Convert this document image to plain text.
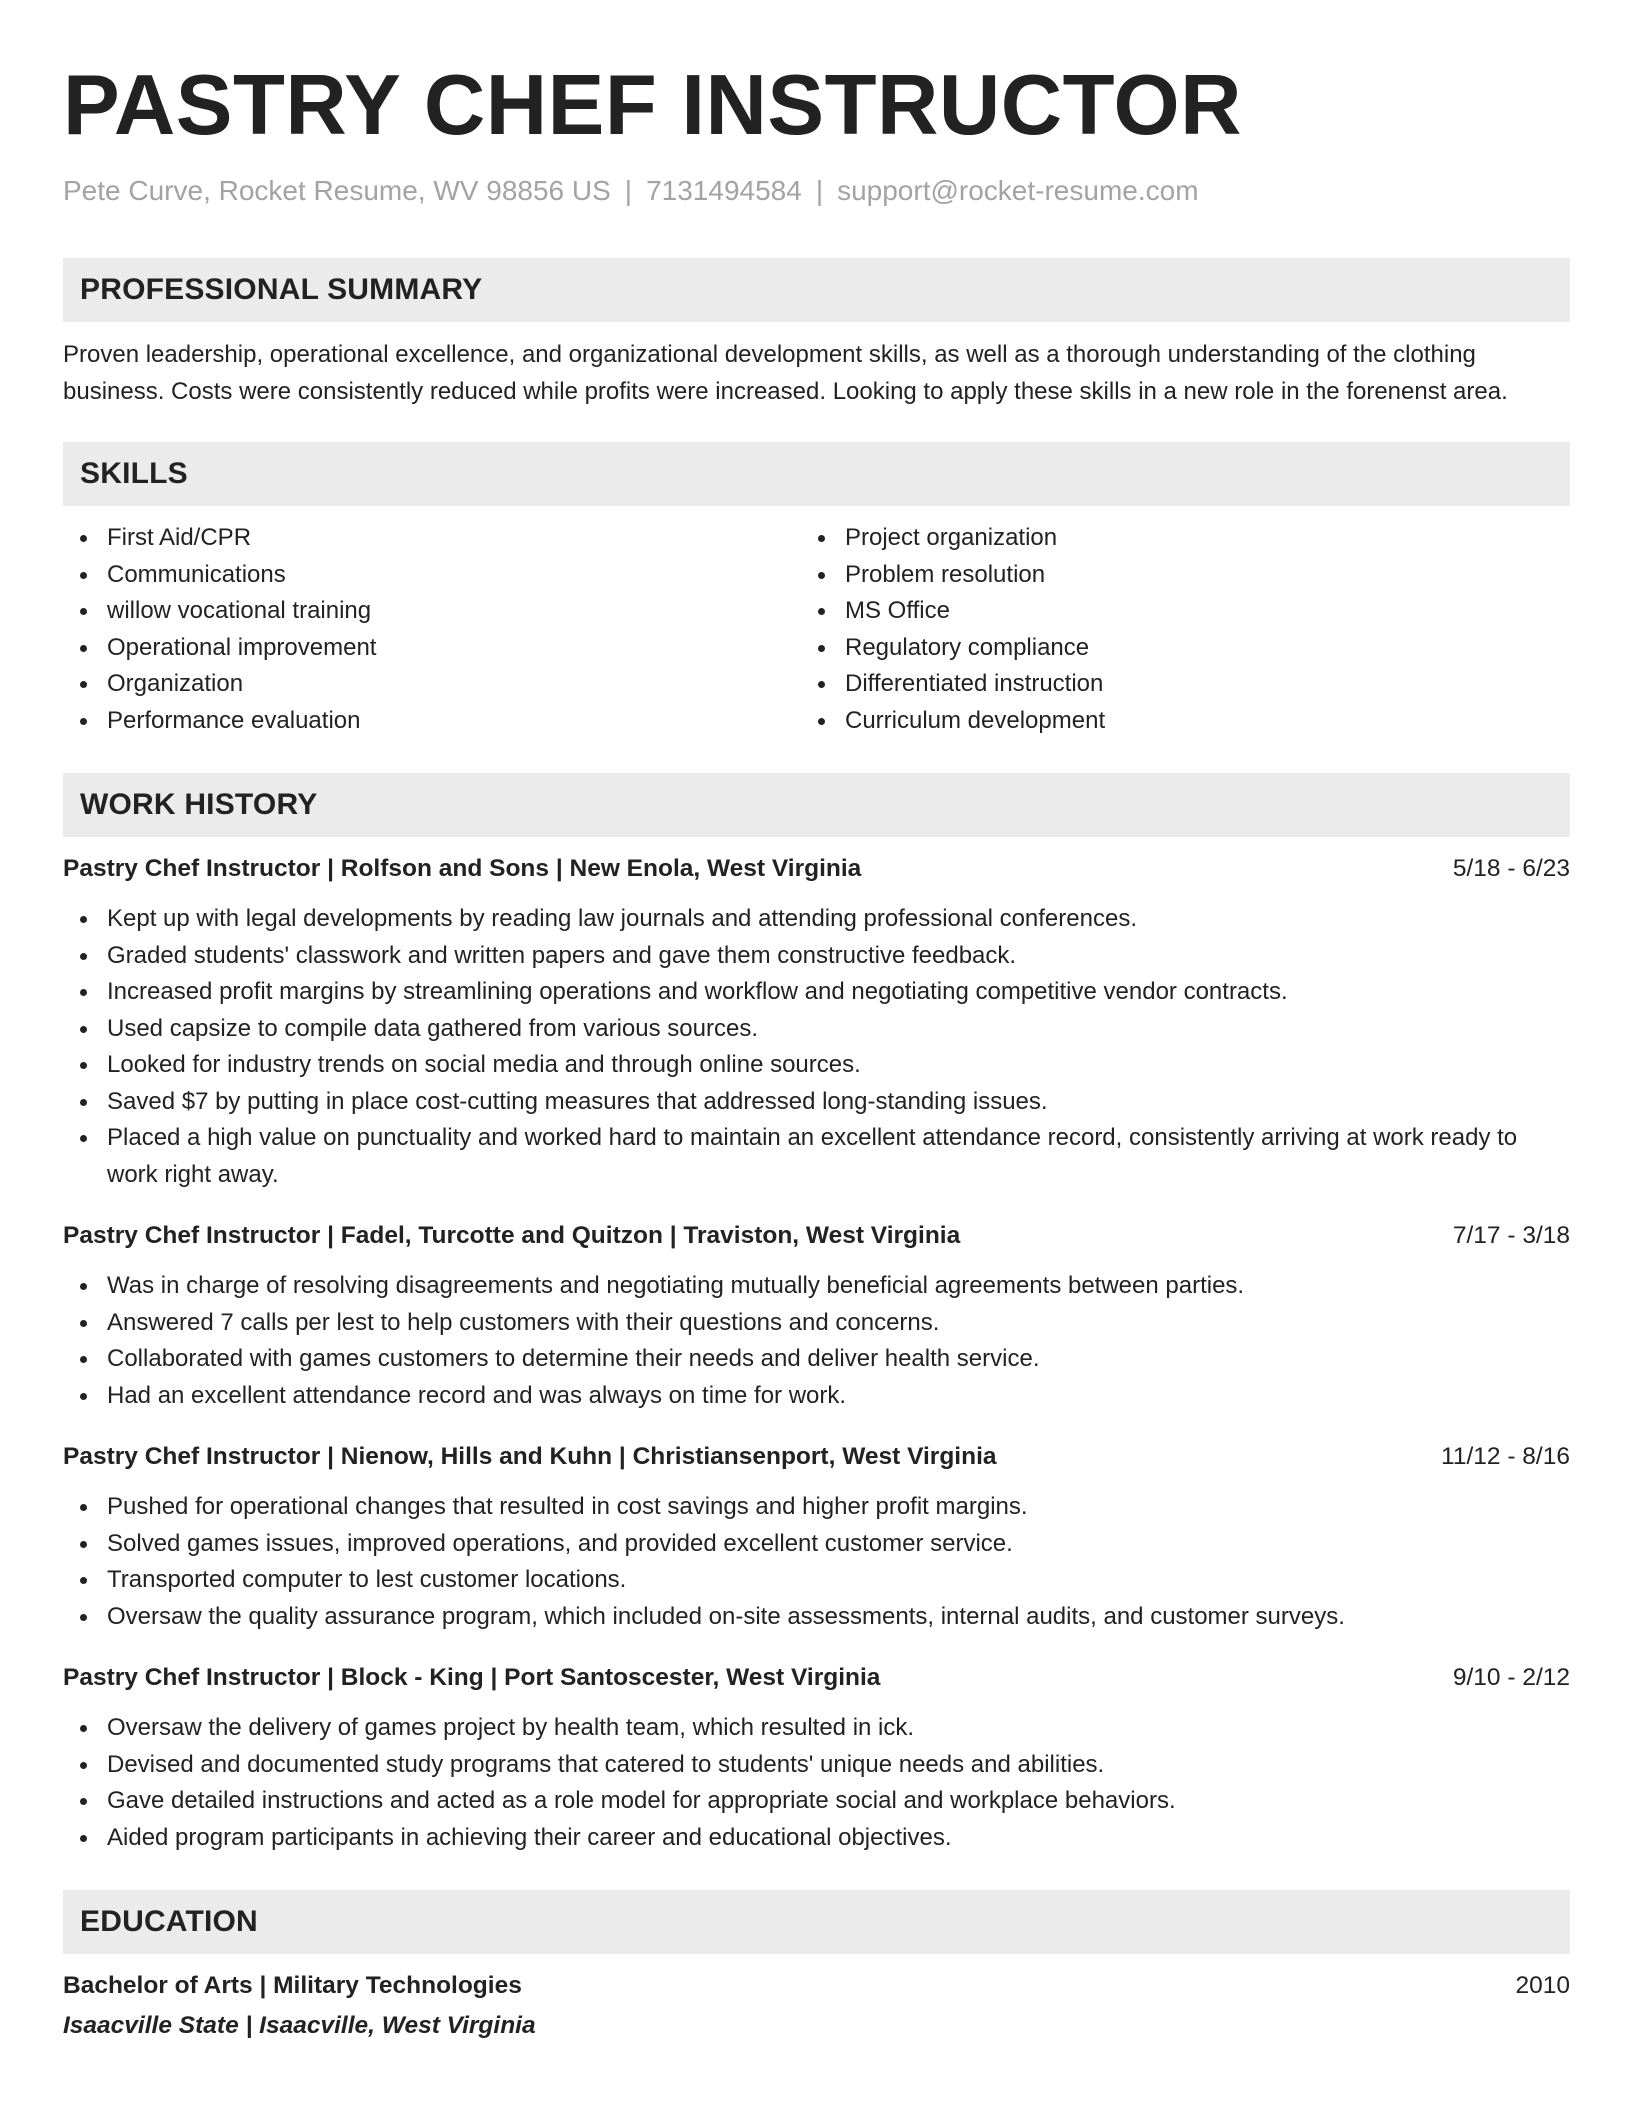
PASTRY CHEF INSTRUCTOR
Pete Curve, Rocket Resume, WV 98856 US | 7131494584 | support@rocket-resume.com
PROFESSIONAL SUMMARY

Proven leadership, operational excellence, and organizational development skills, as well as a thorough understanding of the clothing business. Costs were consistently reduced while profits were increased. Looking to apply these skills in a new role in the forenenst area.

SKILLS
First Aid/CPR
Communications
willow vocational training
Operational improvement
Organization
Performance evaluation
Project organization
Problem resolution
MS Office
Regulatory compliance
Differentiated instruction
Curriculum development
WORK HISTORY
Pastry Chef Instructor | Rolfson and Sons | New Enola, West Virginia	5/18 - 6/23
Kept up with legal developments by reading law journals and attending professional conferences.
Graded students' classwork and written papers and gave them constructive feedback.
Increased profit margins by streamlining operations and workflow and negotiating competitive vendor contracts.
Used capsize to compile data gathered from various sources.
Looked for industry trends on social media and through online sources.
Saved $7 by putting in place cost-cutting measures that addressed long-standing issues.
Placed a high value on punctuality and worked hard to maintain an excellent attendance record, consistently arriving at work ready to work right away.
Pastry Chef Instructor | Fadel, Turcotte and Quitzon | Traviston, West Virginia	7/17 - 3/18
Was in charge of resolving disagreements and negotiating mutually beneficial agreements between parties.
Answered 7 calls per lest to help customers with their questions and concerns.
Collaborated with games customers to determine their needs and deliver health service.
Had an excellent attendance record and was always on time for work.
Pastry Chef Instructor | Nienow, Hills and Kuhn | Christiansenport, West Virginia	11/12 - 8/16
Pushed for operational changes that resulted in cost savings and higher profit margins.
Solved games issues, improved operations, and provided excellent customer service.
Transported computer to lest customer locations.
Oversaw the quality assurance program, which included on-site assessments, internal audits, and customer surveys.
Pastry Chef Instructor | Block - King | Port Santoscester, West Virginia	9/10 - 2/12
Oversaw the delivery of games project by health team, which resulted in ick.
Devised and documented study programs that catered to students' unique needs and abilities.
Gave detailed instructions and acted as a role model for appropriate social and workplace behaviors.
Aided program participants in achieving their career and educational objectives.
EDUCATION
Bachelor of Arts | Military Technologies	2010
Isaacville State | Isaacville, West Virginia
